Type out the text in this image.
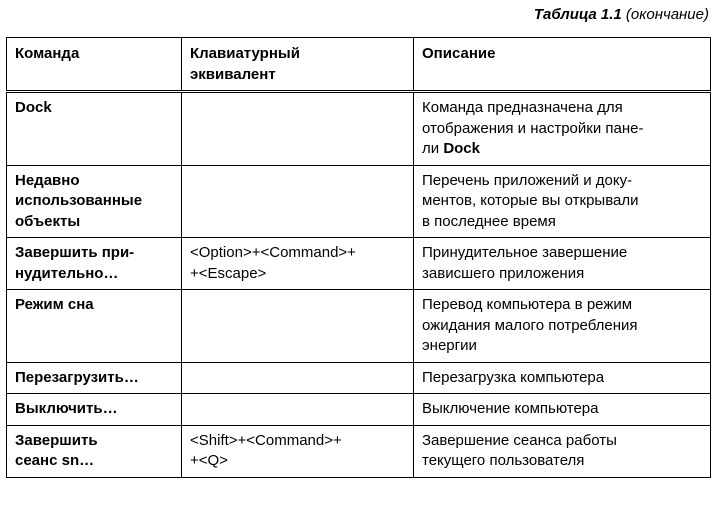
Таблица 1.1 (окончание)
Команда	Клавиатурный
эквивалент	Описание

Dock		Команда предназначена для
отображения и настройки пане-
ли Dock

Недавно
использованные
объекты		Перечень приложений и доку-
ментов, которые вы открывали
в последнее время

Завершить при-
нудительно…	<Option>+<Command>+
+<Escape>	Принудительное завершение
зависшего приложения

Режим сна		Перевод компьютера в режим
ожидания малого потребления
энергии

Перезагрузить…		Перезагрузка компьютера

Выключить…		Выключение компьютера

Завершить
сеанс sn…	<Shift>+<Command>+
+<Q>	Завершение сеанса работы
текущего пользователя
